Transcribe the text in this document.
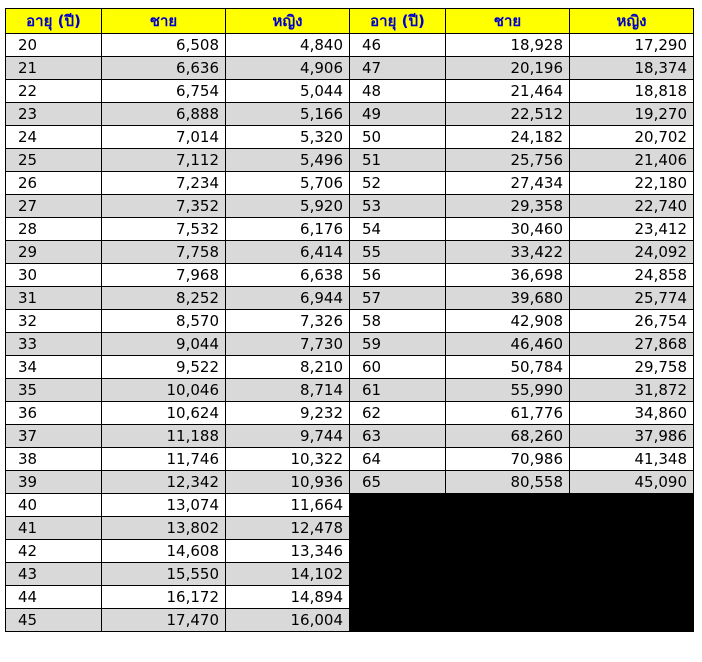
อายุ (ปี)	ชาย	หญิง	อายุ (ปี)	ชาย	หญิง
20	6,508	4,840	46	18,928	17,290
21	6,636	4,906	47	20,196	18,374
22	6,754	5,044	48	21,464	18,818
23	6,888	5,166	49	22,512	19,270
24	7,014	5,320	50	24,182	20,702
25	7,112	5,496	51	25,756	21,406
26	7,234	5,706	52	27,434	22,180
27	7,352	5,920	53	29,358	22,740
28	7,532	6,176	54	30,460	23,412
29	7,758	6,414	55	33,422	24,092
30	7,968	6,638	56	36,698	24,858
31	8,252	6,944	57	39,680	25,774
32	8,570	7,326	58	42,908	26,754
33	9,044	7,730	59	46,460	27,868
34	9,522	8,210	60	50,784	29,758
35	10,046	8,714	61	55,990	31,872
36	10,624	9,232	62	61,776	34,860
37	11,188	9,744	63	68,260	37,986
38	11,746	10,322	64	70,986	41,348
39	12,342	10,936	65	80,558	45,090
40	13,074	11,664			
41	13,802	12,478			
42	14,608	13,346			
43	15,550	14,102			
44	16,172	14,894			
45	17,470	16,004			
